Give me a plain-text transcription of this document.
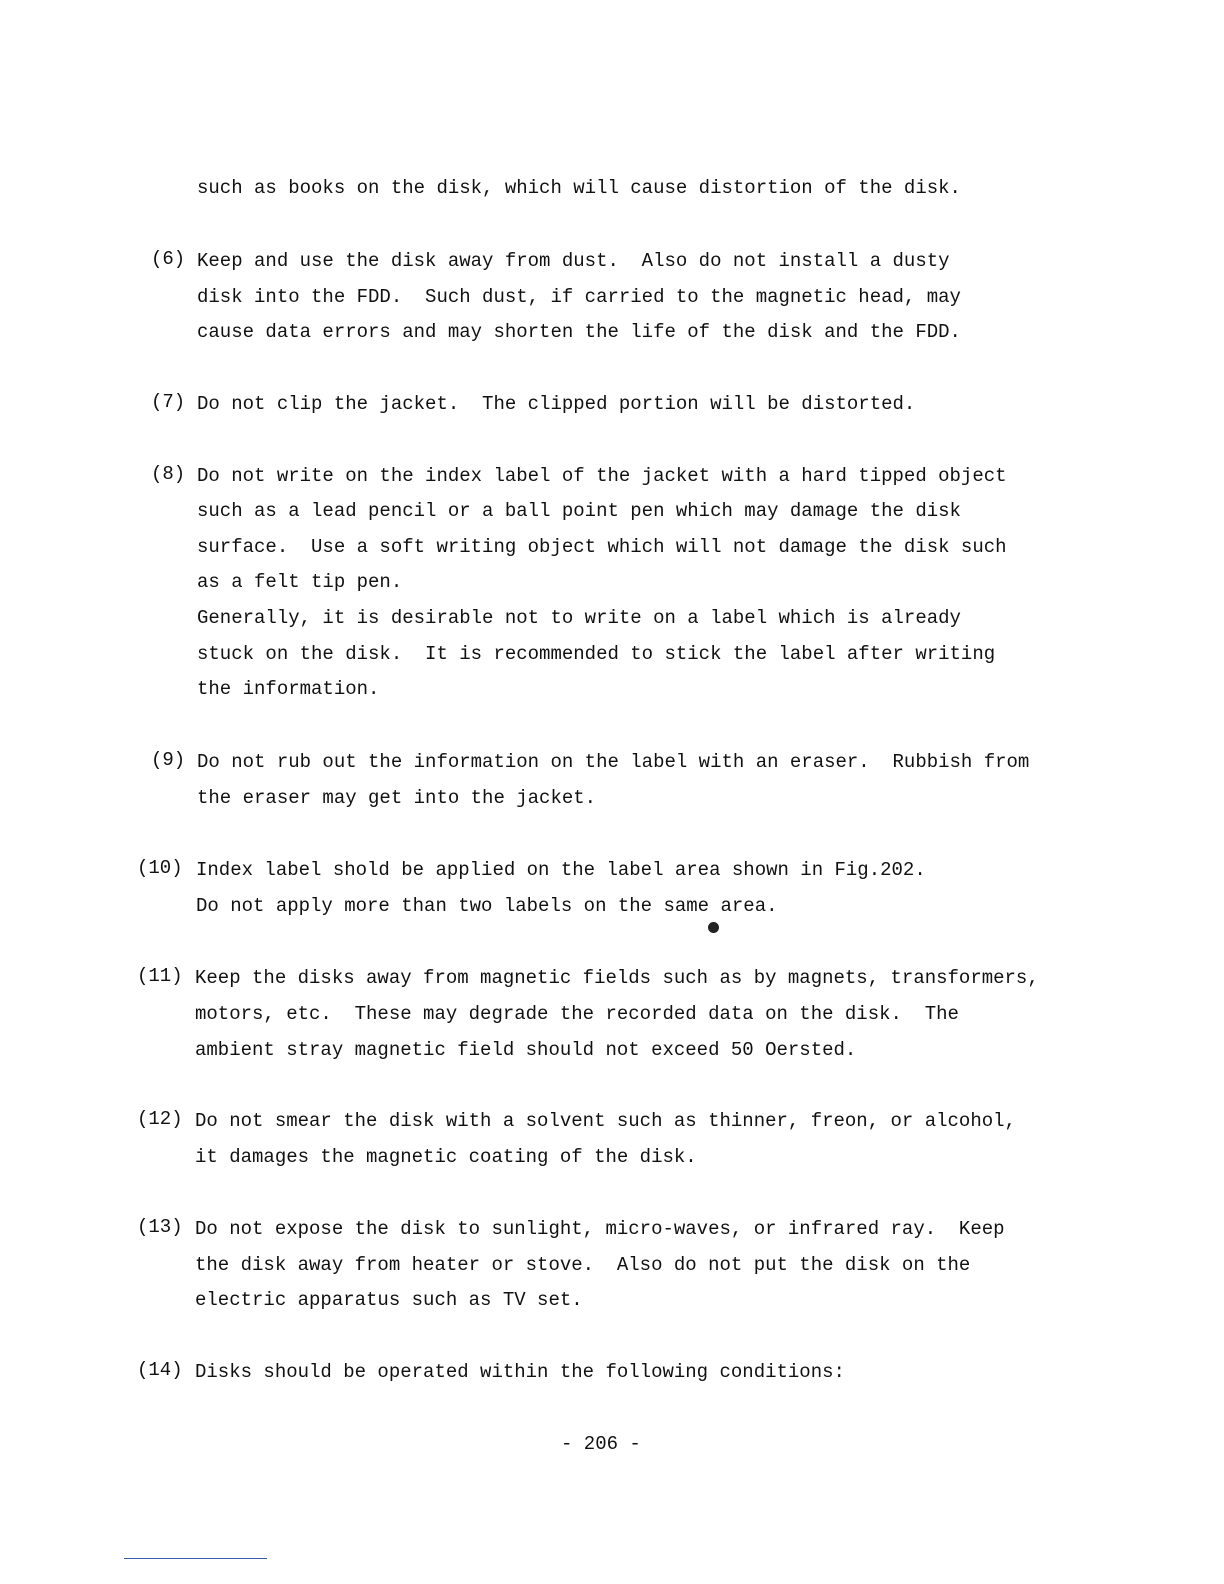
such as books on the disk, which will cause distortion of the disk.
(6) Keep and use the disk away from dust.  Also do not install a dusty
disk into the FDD.  Such dust, if carried to the magnetic head, may
cause data errors and may shorten the life of the disk and the FDD.
(7) Do not clip the jacket.  The clipped portion will be distorted.
(8) Do not write on the index label of the jacket with a hard tipped object
such as a lead pencil or a ball point pen which may damage the disk
surface.  Use a soft writing object which will not damage the disk such
as a felt tip pen.
Generally, it is desirable not to write on a label which is already
stuck on the disk.  It is recommended to stick the label after writing
the information.
(9) Do not rub out the information on the label with an eraser.  Rubbish from
the eraser may get into the jacket.
(10) Index label shold be applied on the label area shown in Fig.202.
Do not apply more than two labels on the same area.
(11) Keep the disks away from magnetic fields such as by magnets, transformers,
motors, etc.  These may degrade the recorded data on the disk.  The
ambient stray magnetic field should not exceed 50 Oersted.
(12) Do not smear the disk with a solvent such as thinner, freon, or alcohol,
it damages the magnetic coating of the disk.
(13) Do not expose the disk to sunlight, micro-waves, or infrared ray.  Keep
the disk away from heater or stove.  Also do not put the disk on the
electric apparatus such as TV set.
(14) Disks should be operated within the following conditions:
- 206 -
